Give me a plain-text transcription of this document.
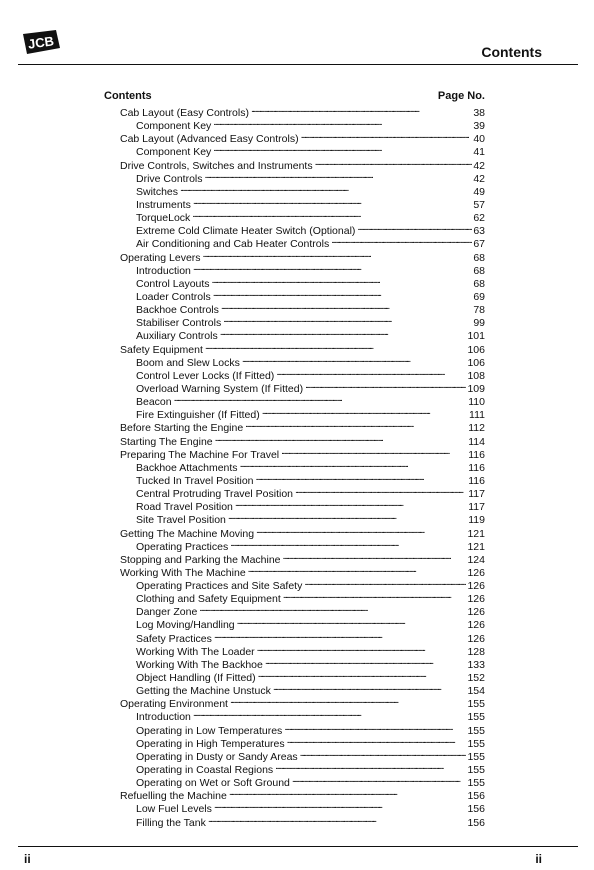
JCB
Contents
Contents	Page No.
Cab Layout (Easy Controls) . . .	38
Component Key . . .	39
Cab Layout (Advanced Easy Controls) . . .	40
Component Key . . .	41
Drive Controls, Switches and Instruments . . .	42
Drive Controls . . .	42
Switches . . .	49
Instruments . . .	57
TorqueLock . . .	62
Extreme Cold Climate Heater Switch (Optional) . . .	63
Air Conditioning and Cab Heater Controls . . .	67
Operating Levers . . .	68
Introduction . . .	68
Control Layouts . . .	68
Loader Controls . . .	69
Backhoe Controls . . .	78
Stabiliser Controls . . .	99
Auxiliary Controls . . .	101
Safety Equipment . . .	106
Boom and Slew Locks . . .	106
Control Lever Locks (If Fitted) . . .	108
Overload Warning System (If Fitted) . . .	109
Beacon . . .	110
Fire Extinguisher (If Fitted) . . .	111
Before Starting the Engine . . .	112
Starting The Engine . . .	114
Preparing The Machine For Travel . . .	116
Backhoe Attachments . . .	116
Tucked In Travel Position . . .	116
Central Protruding Travel Position . . .	117
Road Travel Position . . .	117
Site Travel Position . . .	119
Getting The Machine Moving . . .	121
Operating Practices . . .	121
Stopping and Parking the Machine . . .	124
Working With The Machine . . .	126
Operating Practices and Site Safety . . .	126
Clothing and Safety Equipment . . .	126
Danger Zone . . .	126
Log Moving/Handling . . .	126
Safety Practices . . .	126
Working With The Loader . . .	128
Working With The Backhoe . . .	133
Object Handling (If Fitted) . . .	152
Getting the Machine Unstuck . . .	154
Operating Environment . . .	155
Introduction . . .	155
Operating in Low Temperatures . . .	155
Operating in High Temperatures . . .	155
Operating in Dusty or Sandy Areas . . .	155
Operating in Coastal Regions . . .	155
Operating on Wet or Soft Ground . . .	155
Refuelling the Machine . . .	156
Low Fuel Levels . . .	156
Filling the Tank . . .	156
ii	ii
